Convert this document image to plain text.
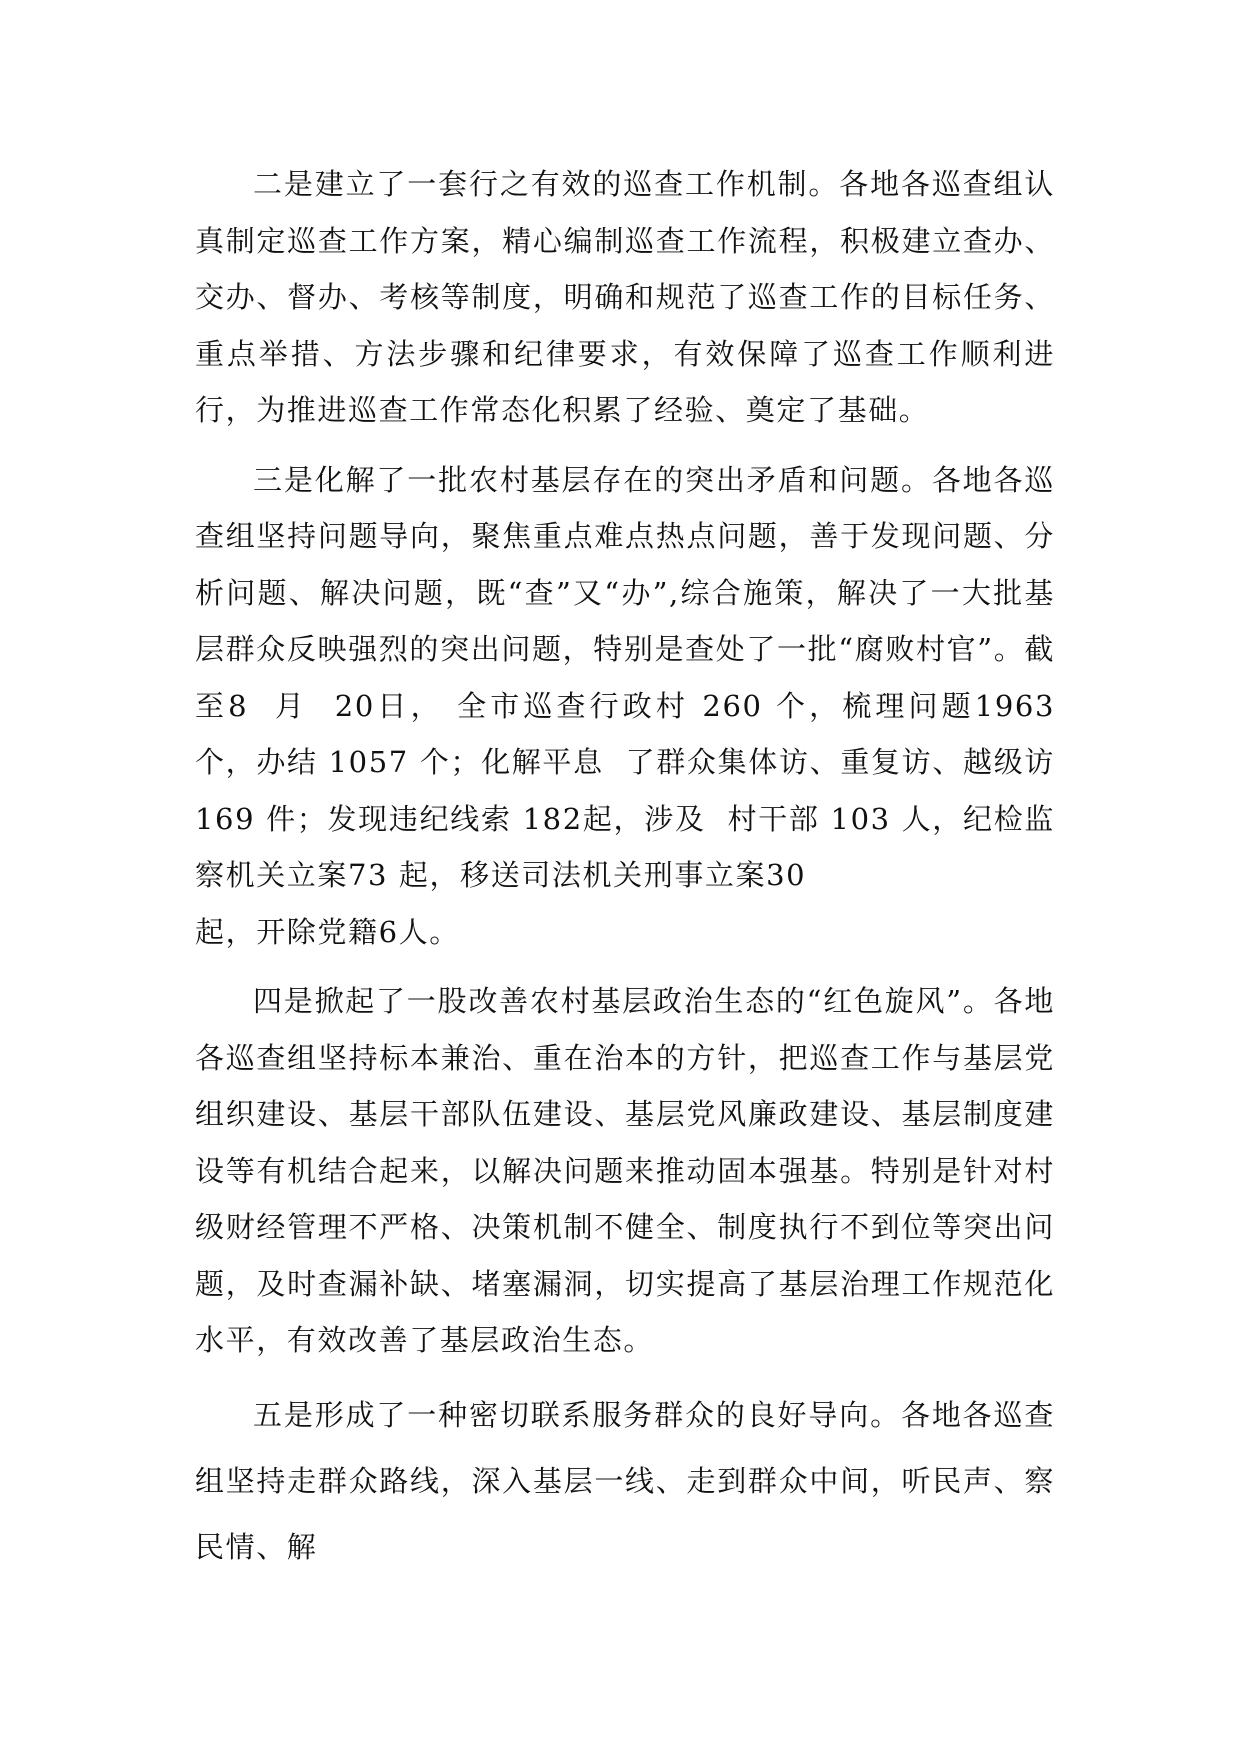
二是建立了一套行之有效的巡查工作机制。各地各巡查组认真制定巡查工作方案，精心编制巡查工作流程，积极建立查办、交办、督办、考核等制度，明确和规范了巡查工作的目标任务、重点举措、方法步骤和纪律要求，有效保障了巡查工作顺利进行，为推进巡查工作常态化积累了经验、奠定了基础。

三是化解了一批农村基层存在的突出矛盾和问题。各地各巡查组坚持问题导向，聚焦重点难点热点问题，善于发现问题、分析问题、解决问题，既“查”又“办”,综合施策，解决了一大批基层群众反映强烈的突出问题，特别是查处了一批“腐败村官”。截至8  月  20日， 全市巡查行政村 260 个，梳理问题1963 个，办结 1057 个；化解平息  了群众集体访、重复访、越级访169 件；发现违纪线索 182起，涉及  村干部 103 人，纪检监察机关立案73 起，移送司法机关刑事立案30

起，开除党籍6人。

四是掀起了一股改善农村基层政治生态的“红色旋风”。各地各巡查组坚持标本兼治、重在治本的方针，把巡查工作与基层党组织建设、基层干部队伍建设、基层党风廉政建设、基层制度建设等有机结合起来，以解决问题来推动固本强基。特别是针对村级财经管理不严格、决策机制不健全、制度执行不到位等突出问题，及时查漏补缺、堵塞漏洞，切实提高了基层治理工作规范化水平，有效改善了基层政治生态。

五是形成了一种密切联系服务群众的良好导向。各地各巡查组坚持走群众路线，深入基层一线、走到群众中间，听民声、察民情、解
